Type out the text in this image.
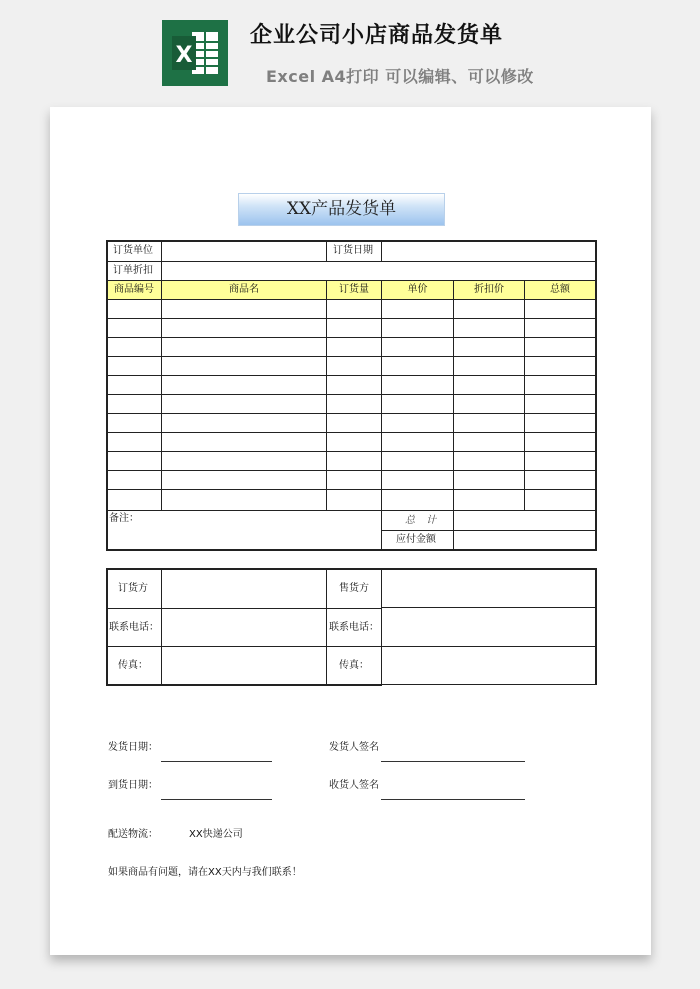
X
企业公司小店商品发货单
Excel A4打印 可以编辑、可以修改
XX产品发货单
订货单位	订货日期
订单折扣
商品编号	商品名	订货量	单价	折扣价	总额
备注：	总 计
应付金额
订货方	售货方
联系电话：	联系电话：
传真：	传真：
发货日期：	发货人签名
到货日期：	收货人签名
配送物流：	XX快递公司
如果商品有问题，请在XX天内与我们联系！
